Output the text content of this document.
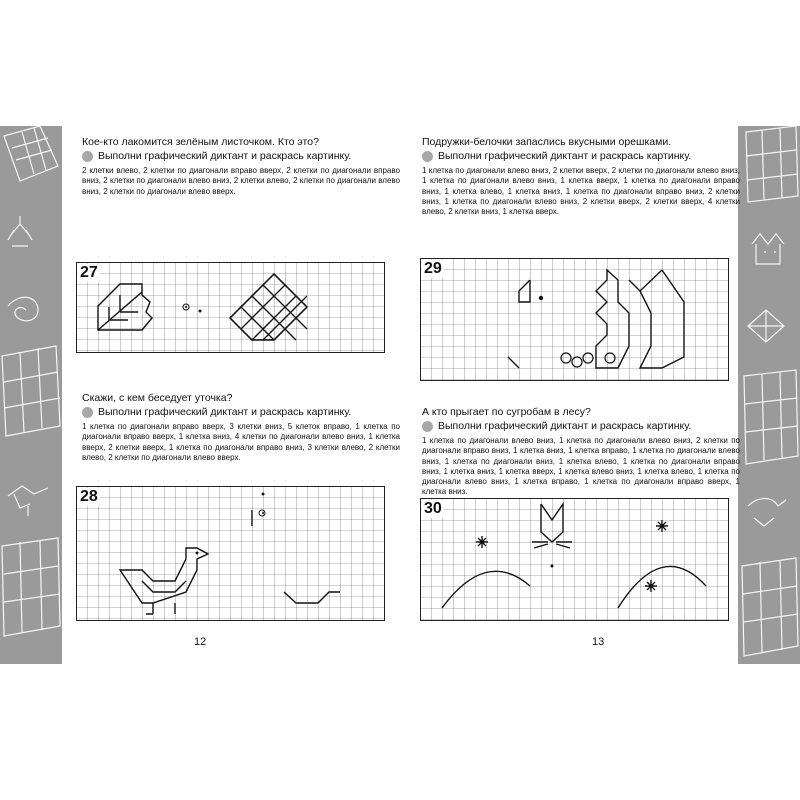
Кое-кто лакомится зелёным листочком. Кто это?

Выполни графический диктант и раскрась картинку.
2 клетки влево, 2 клетки по диагонали вправо вверх, 2 клетки по диагонали вправо вниз, 2 клетки по диагонали влево вниз, 2 клетки влево, 2 клетки по диагонали влево вниз, 2 клетки по диагонали влево вверх.
27

Скажи, с кем беседует уточка?

Выполни графический диктант и раскрась картинку.
1 клетка по диагонали вправо вверх, 3 клетки вниз, 5 клеток вправо, 1 клетка по диагонали вправо вверх, 1 клетка вниз, 4 клетки по диагонали влево вниз, 1 клетка вверх, 2 клетки вверх, 1 клетка по диагонали вправо вниз, 3 клетки влево, 2 клетки влево, 2 клетки по диагонали влево вверх.
28
12

Подружки-белочки запаслись вкусными орешками.

Выполни графический диктант и раскрась картинку.
1 клетка по диагонали влево вниз, 2 клетки вверх, 2 клетки по диагонали влево вниз, 1 клетка по диагонали влево вниз, 1 клетка вверх, 1 клетка по диагонали вправо вниз, 1 клетка влево, 1 клетка вниз, 1 клетка по диагонали вправо вниз, 2 клетки вниз, 1 клетка по диагонали влево вниз, 2 клетки вверх, 2 клетки вверх, 4 клетки влево, 2 клетки вниз, 1 клетка вверх.
29

А кто прыгает по сугробам в лесу?

Выполни графический диктант и раскрась картинку.
1 клетка по диагонали влево вниз, 1 клетка по диагонали влево вниз, 2 клетки по диагонали вправо вниз, 1 клетка вниз, 1 клетка вправо, 1 клетка по диагонали влево вниз, 1 клетка по диагонали вниз, 1 клетка влево, 1 клетка по диагонали вправо вниз, 1 клетка вниз, 1 клетка вверх, 1 клетка влево вниз, 1 клетка влево, 1 клетка по диагонали влево вниз, 1 клетка вправо, 1 клетка по диагонали вправо вверх, 1 клетка вниз.
30
13
